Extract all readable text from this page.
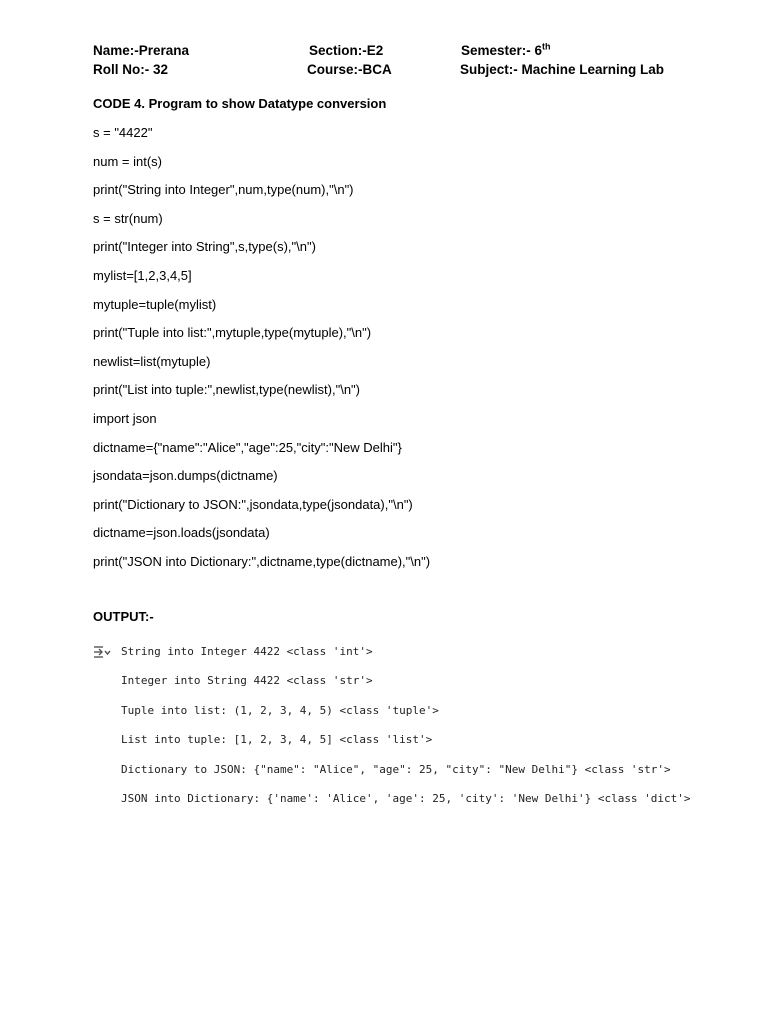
Name:-Prerana	Section:-E2	Semester:- 6th
Roll No:- 32	Course:-BCA	Subject:- Machine Learning Lab
CODE 4. Program to show Datatype conversion
s = "4422"
num = int(s)
print("String into Integer",num,type(num),"\n")
s = str(num)
print("Integer into String",s,type(s),"\n")
mylist=[1,2,3,4,5]
mytuple=tuple(mylist)
print("Tuple into list:",mytuple,type(mytuple),"\n")
newlist=list(mytuple)
print("List into tuple:",newlist,type(newlist),"\n")
import json
dictname={"name":"Alice","age":25,"city":"New Delhi"}
jsondata=json.dumps(dictname)
print("Dictionary to JSON:",jsondata,type(jsondata),"\n")
dictname=json.loads(jsondata)
print("JSON into Dictionary:",dictname,type(dictname),"\n")
OUTPUT:-
String into Integer 4422 <class 'int'>
Integer into String 4422 <class 'str'>
Tuple into list: (1, 2, 3, 4, 5) <class 'tuple'>
List into tuple: [1, 2, 3, 4, 5] <class 'list'>
Dictionary to JSON: {"name": "Alice", "age": 25, "city": "New Delhi"} <class 'str'>
JSON into Dictionary: {'name': 'Alice', 'age': 25, 'city': 'New Delhi'} <class 'dict'>
